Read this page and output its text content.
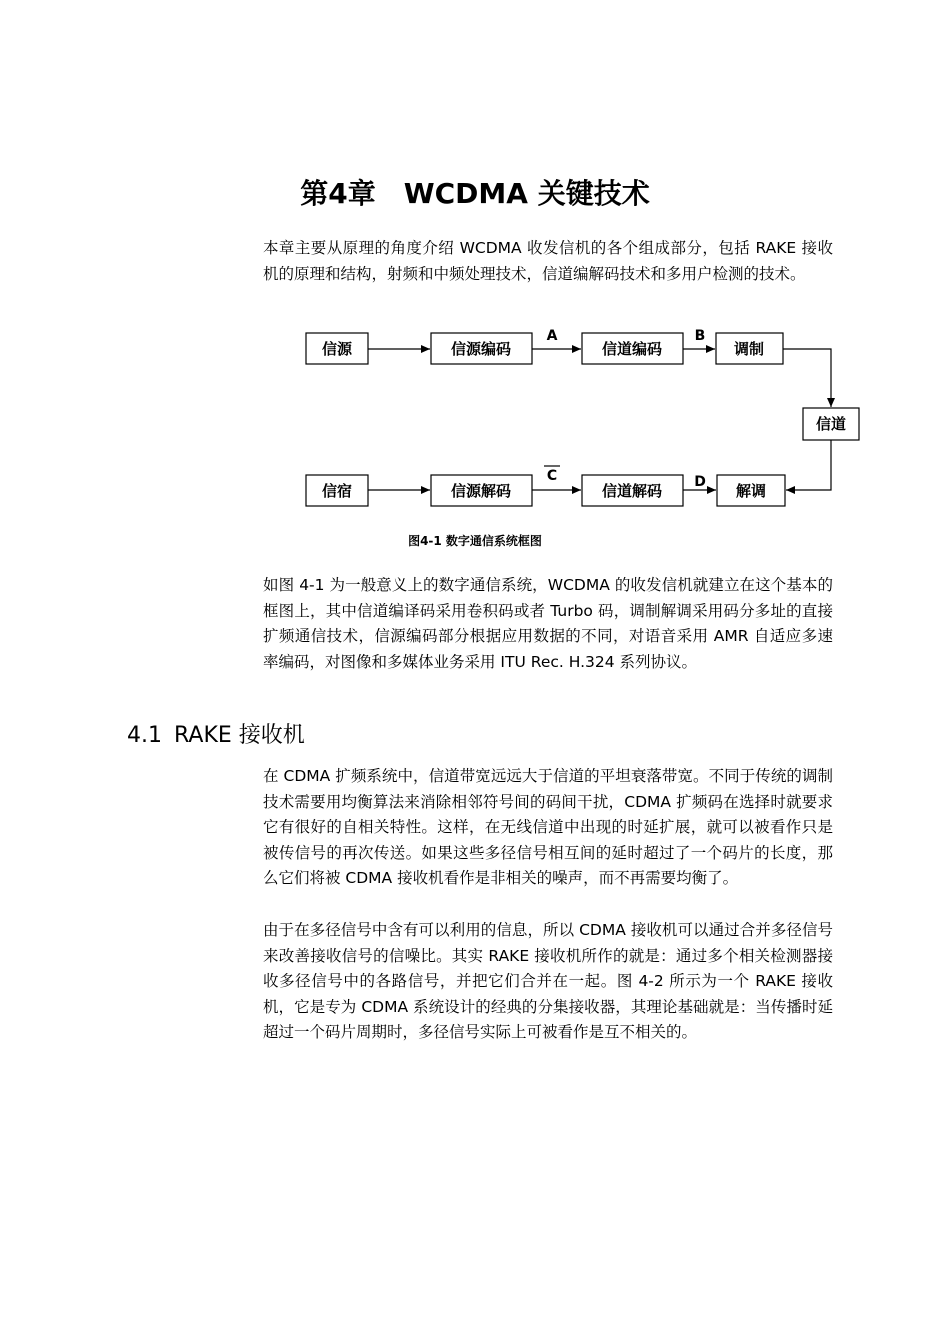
第4章 WCDMA 关键技术

本章主要从原理的角度介绍 WCDMA 收发信机的各个组成部分，包括 RAKE 接收机的原理和结构，射频和中频处理技术，信道编解码技术和多用户检测的技术。

信源	信源编码	信道编码	调制
信道
信宿	信源解码	信道解码	解调
A	B
C	D
图4-1 数字通信系统框图

如图 4-1 为一般意义上的数字通信系统，WCDMA 的收发信机就建立在这个基本的框图上，其中信道编译码采用卷积码或者 Turbo 码，调制解调采用码分多址的直接扩频通信技术，信源编码部分根据应用数据的不同，对语音采用 AMR 自适应多速率编码，对图像和多媒体业务采用 ITU Rec. H.324 系列协议。

4.1 RAKE 接收机

在 CDMA 扩频系统中，信道带宽远远大于信道的平坦衰落带宽。不同于传统的调制技术需要用均衡算法来消除相邻符号间的码间干扰，CDMA 扩频码在选择时就要求它有很好的自相关特性。这样，在无线信道中出现的时延扩展，就可以被看作只是被传信号的再次传送。如果这些多径信号相互间的延时超过了一个码片的长度，那么它们将被 CDMA 接收机看作是非相关的噪声，而不再需要均衡了。

由于在多径信号中含有可以利用的信息，所以 CDMA 接收机可以通过合并多径信号来改善接收信号的信噪比。其实 RAKE 接收机所作的就是：通过多个相关检测器接收多径信号中的各路信号，并把它们合并在一起。图 4-2 所示为一个 RAKE 接收机，它是专为 CDMA 系统设计的经典的分集接收器，其理论基础就是：当传播时延超过一个码片周期时，多径信号实际上可被看作是互不相关的。
